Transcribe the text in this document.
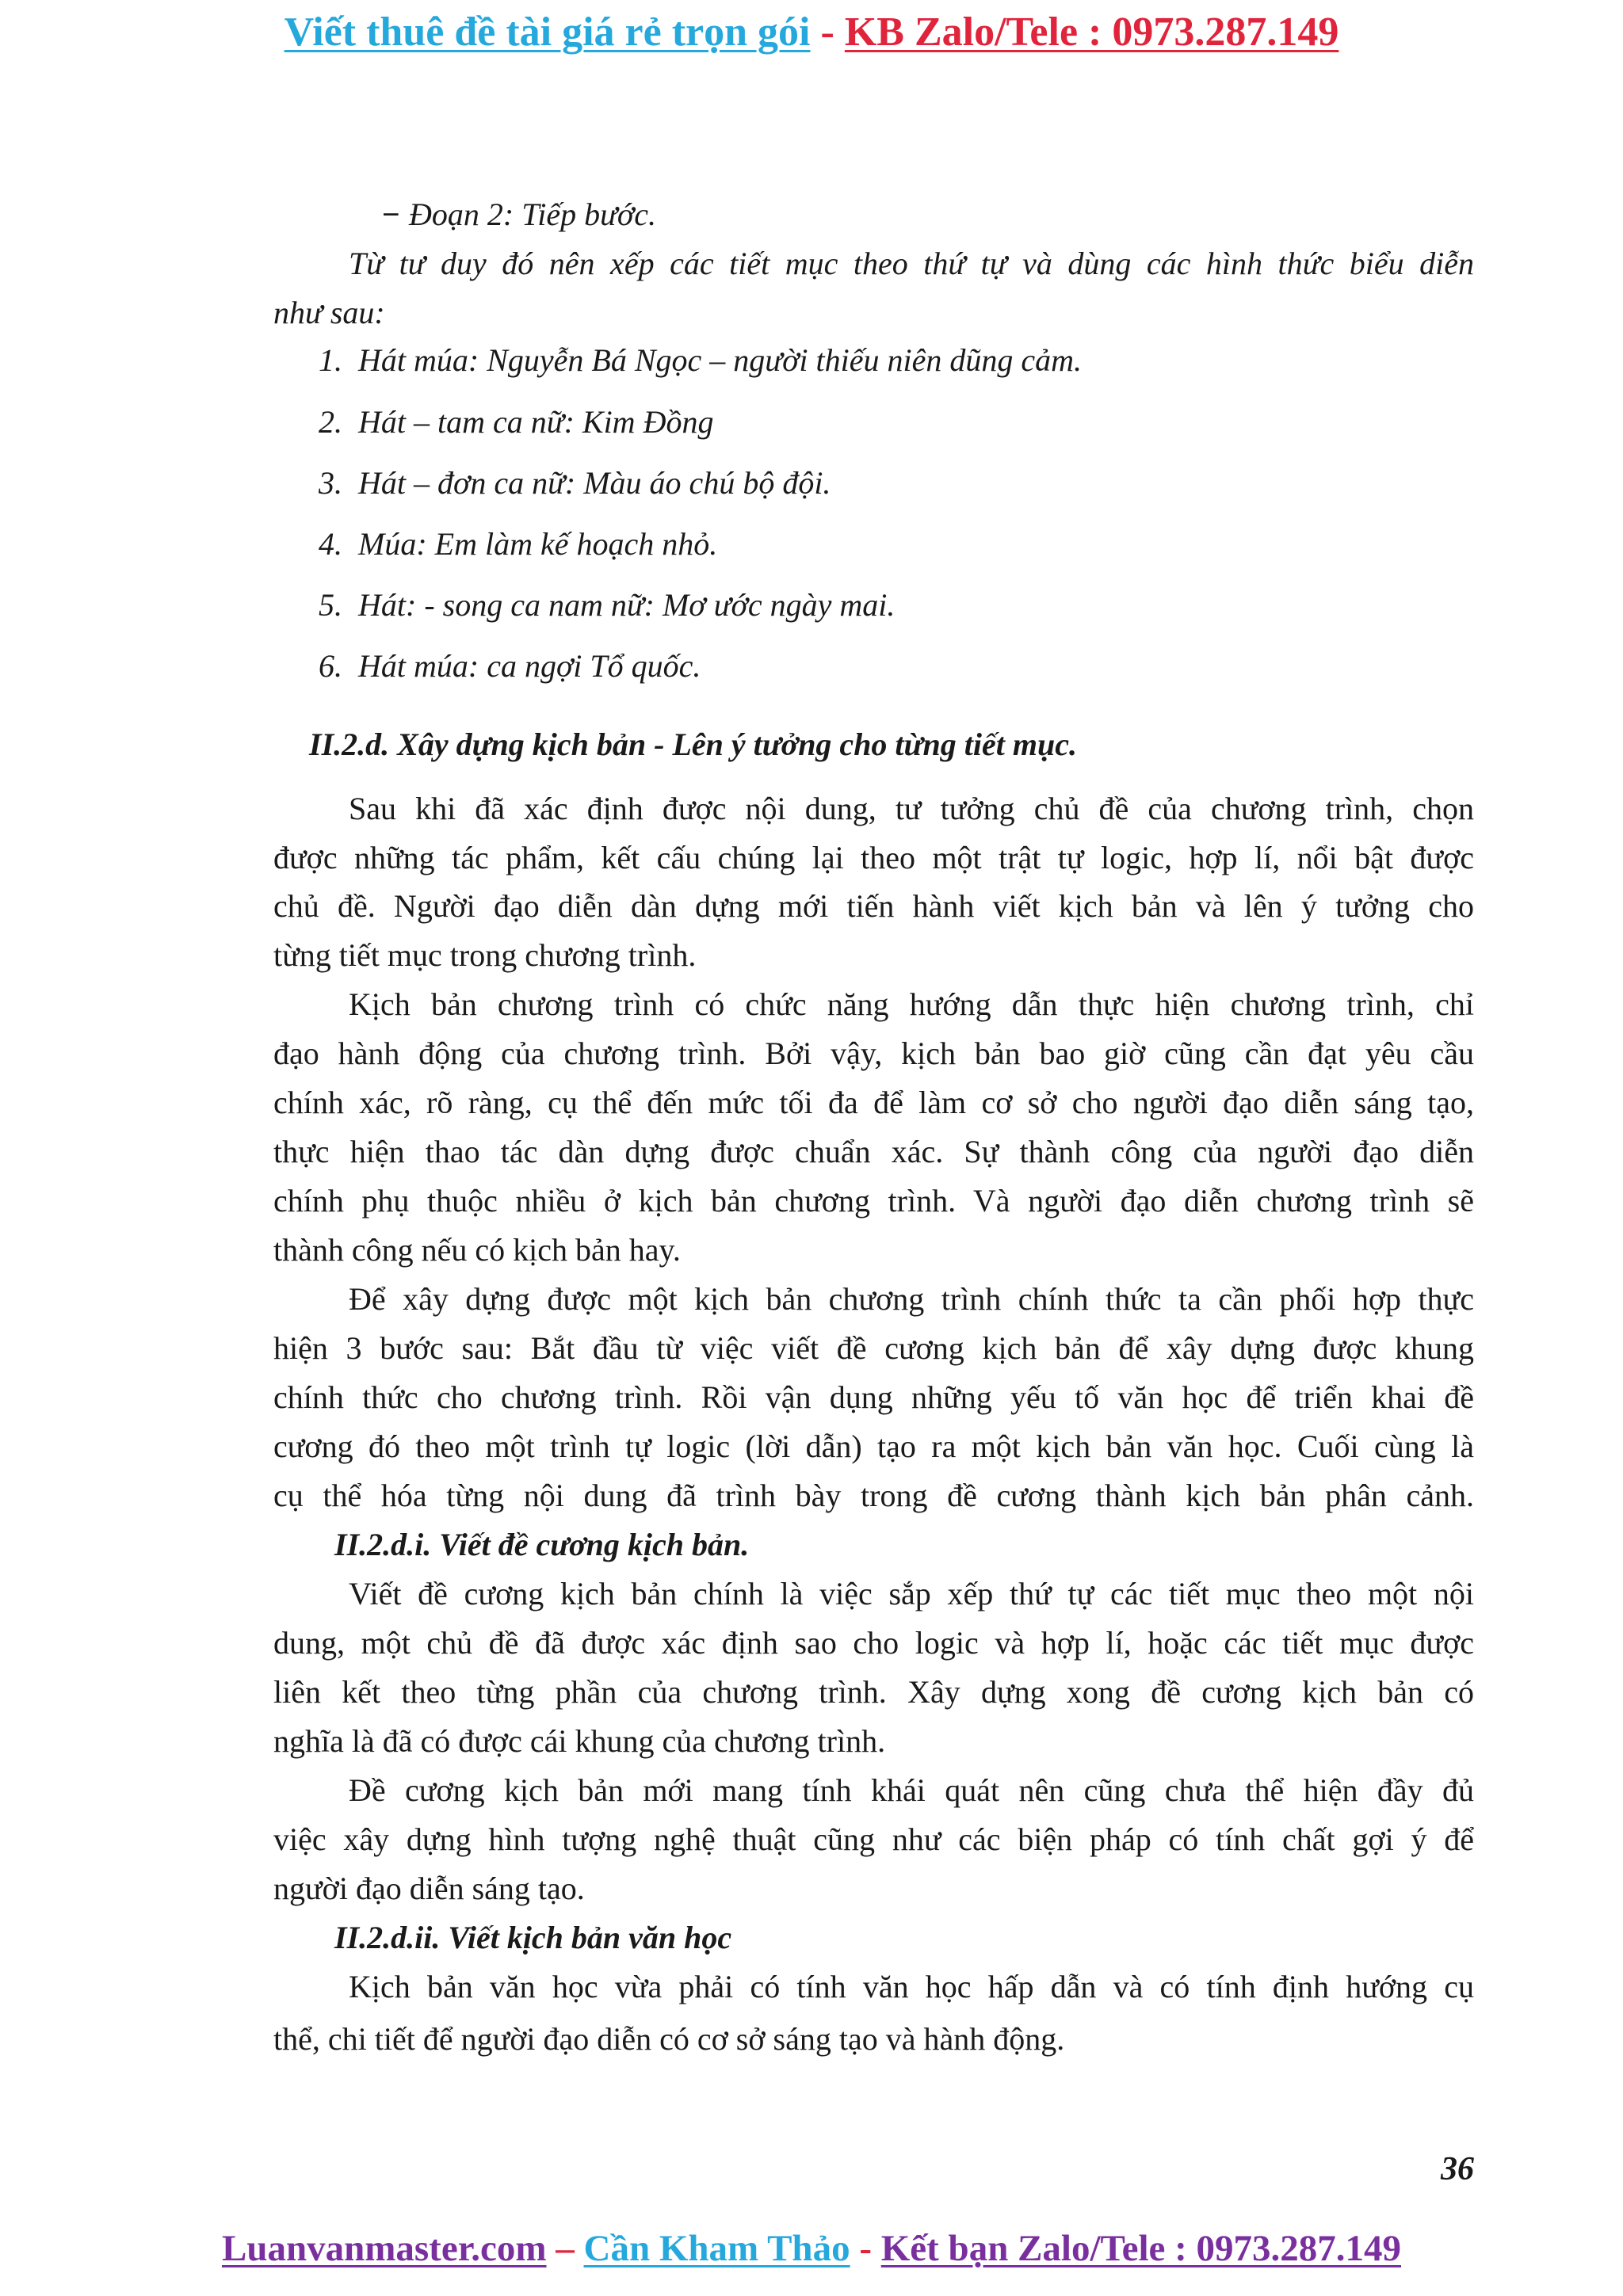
Viết thuê đề tài giá rẻ trọn gói - KB Zalo/Tele : 0973.287.149
− Đoạn 2: Tiếp bước.
Từ tư duy đó nên xếp các tiết mục theo thứ tự và dùng các hình thức biểu diễn
như sau:
1.  Hát múa: Nguyễn Bá Ngọc – người thiếu niên dũng cảm.
2.  Hát – tam ca nữ: Kim Đồng
3.  Hát – đơn ca nữ: Màu áo chú bộ đội.
4.  Múa: Em làm kế hoạch nhỏ.
5.  Hát: - song ca nam nữ: Mơ ước ngày mai.
6.  Hát múa: ca ngợi Tổ quốc.
II.2.d. Xây dựng kịch bản - Lên ý tưởng cho từng tiết mục.
Sau khi đã xác định được nội dung, tư tưởng chủ đề của chương trình, chọn
được những tác phẩm, kết cấu chúng lại theo một trật tự logic, hợp lí, nổi bật được
chủ đề. Người đạo diễn dàn dựng mới tiến hành viết kịch bản và lên ý tưởng cho
từng tiết mục trong chương trình.
Kịch bản chương trình có chức năng hướng dẫn thực hiện chương trình, chỉ
đạo hành động của chương trình. Bởi vậy, kịch bản bao giờ cũng cần đạt yêu cầu
chính xác, rõ ràng, cụ thể đến mức tối đa để làm cơ sở cho người đạo diễn sáng tạo,
thực hiện thao tác dàn dựng được chuẩn xác. Sự thành công của người đạo diễn
chính phụ thuộc nhiều ở kịch bản chương trình. Và người đạo diễn chương trình sẽ
thành công nếu có kịch bản hay.
Để xây dựng được một kịch bản chương trình chính thức ta cần phối hợp thực
hiện 3 bước sau: Bắt đầu từ việc viết đề cương kịch bản để xây dựng được khung
chính thức cho chương trình. Rồi vận dụng những yếu tố văn học để triển khai đề
cương đó theo một trình tự logic (lời dẫn) tạo ra một kịch bản văn học. Cuối cùng là
cụ thể hóa từng nội dung đã trình bày trong đề cương thành kịch bản phân cảnh.
II.2.d.i. Viết đề cương kịch bản.
Viết đề cương kịch bản chính là việc sắp xếp thứ tự các tiết mục theo một nội
dung, một chủ đề đã được xác định sao cho logic và hợp lí, hoặc các tiết mục được
liên kết theo từng phần của chương trình. Xây dựng xong đề cương kịch bản có
nghĩa là đã có được cái khung của chương trình.
Đề cương kịch bản mới mang tính khái quát nên cũng chưa thể hiện đầy đủ
việc xây dựng hình tượng nghệ thuật cũng như các biện pháp có tính chất gợi ý để
người đạo diễn sáng tạo.
II.2.d.ii. Viết kịch bản văn học
Kịch bản văn học vừa phải có tính văn học hấp dẫn và có tính định hướng cụ
thể, chi tiết để người đạo diễn có cơ sở sáng tạo và hành động.
36
Luanvanmaster.com – Cần Kham Thảo - Kết bạn Zalo/Tele : 0973.287.149
